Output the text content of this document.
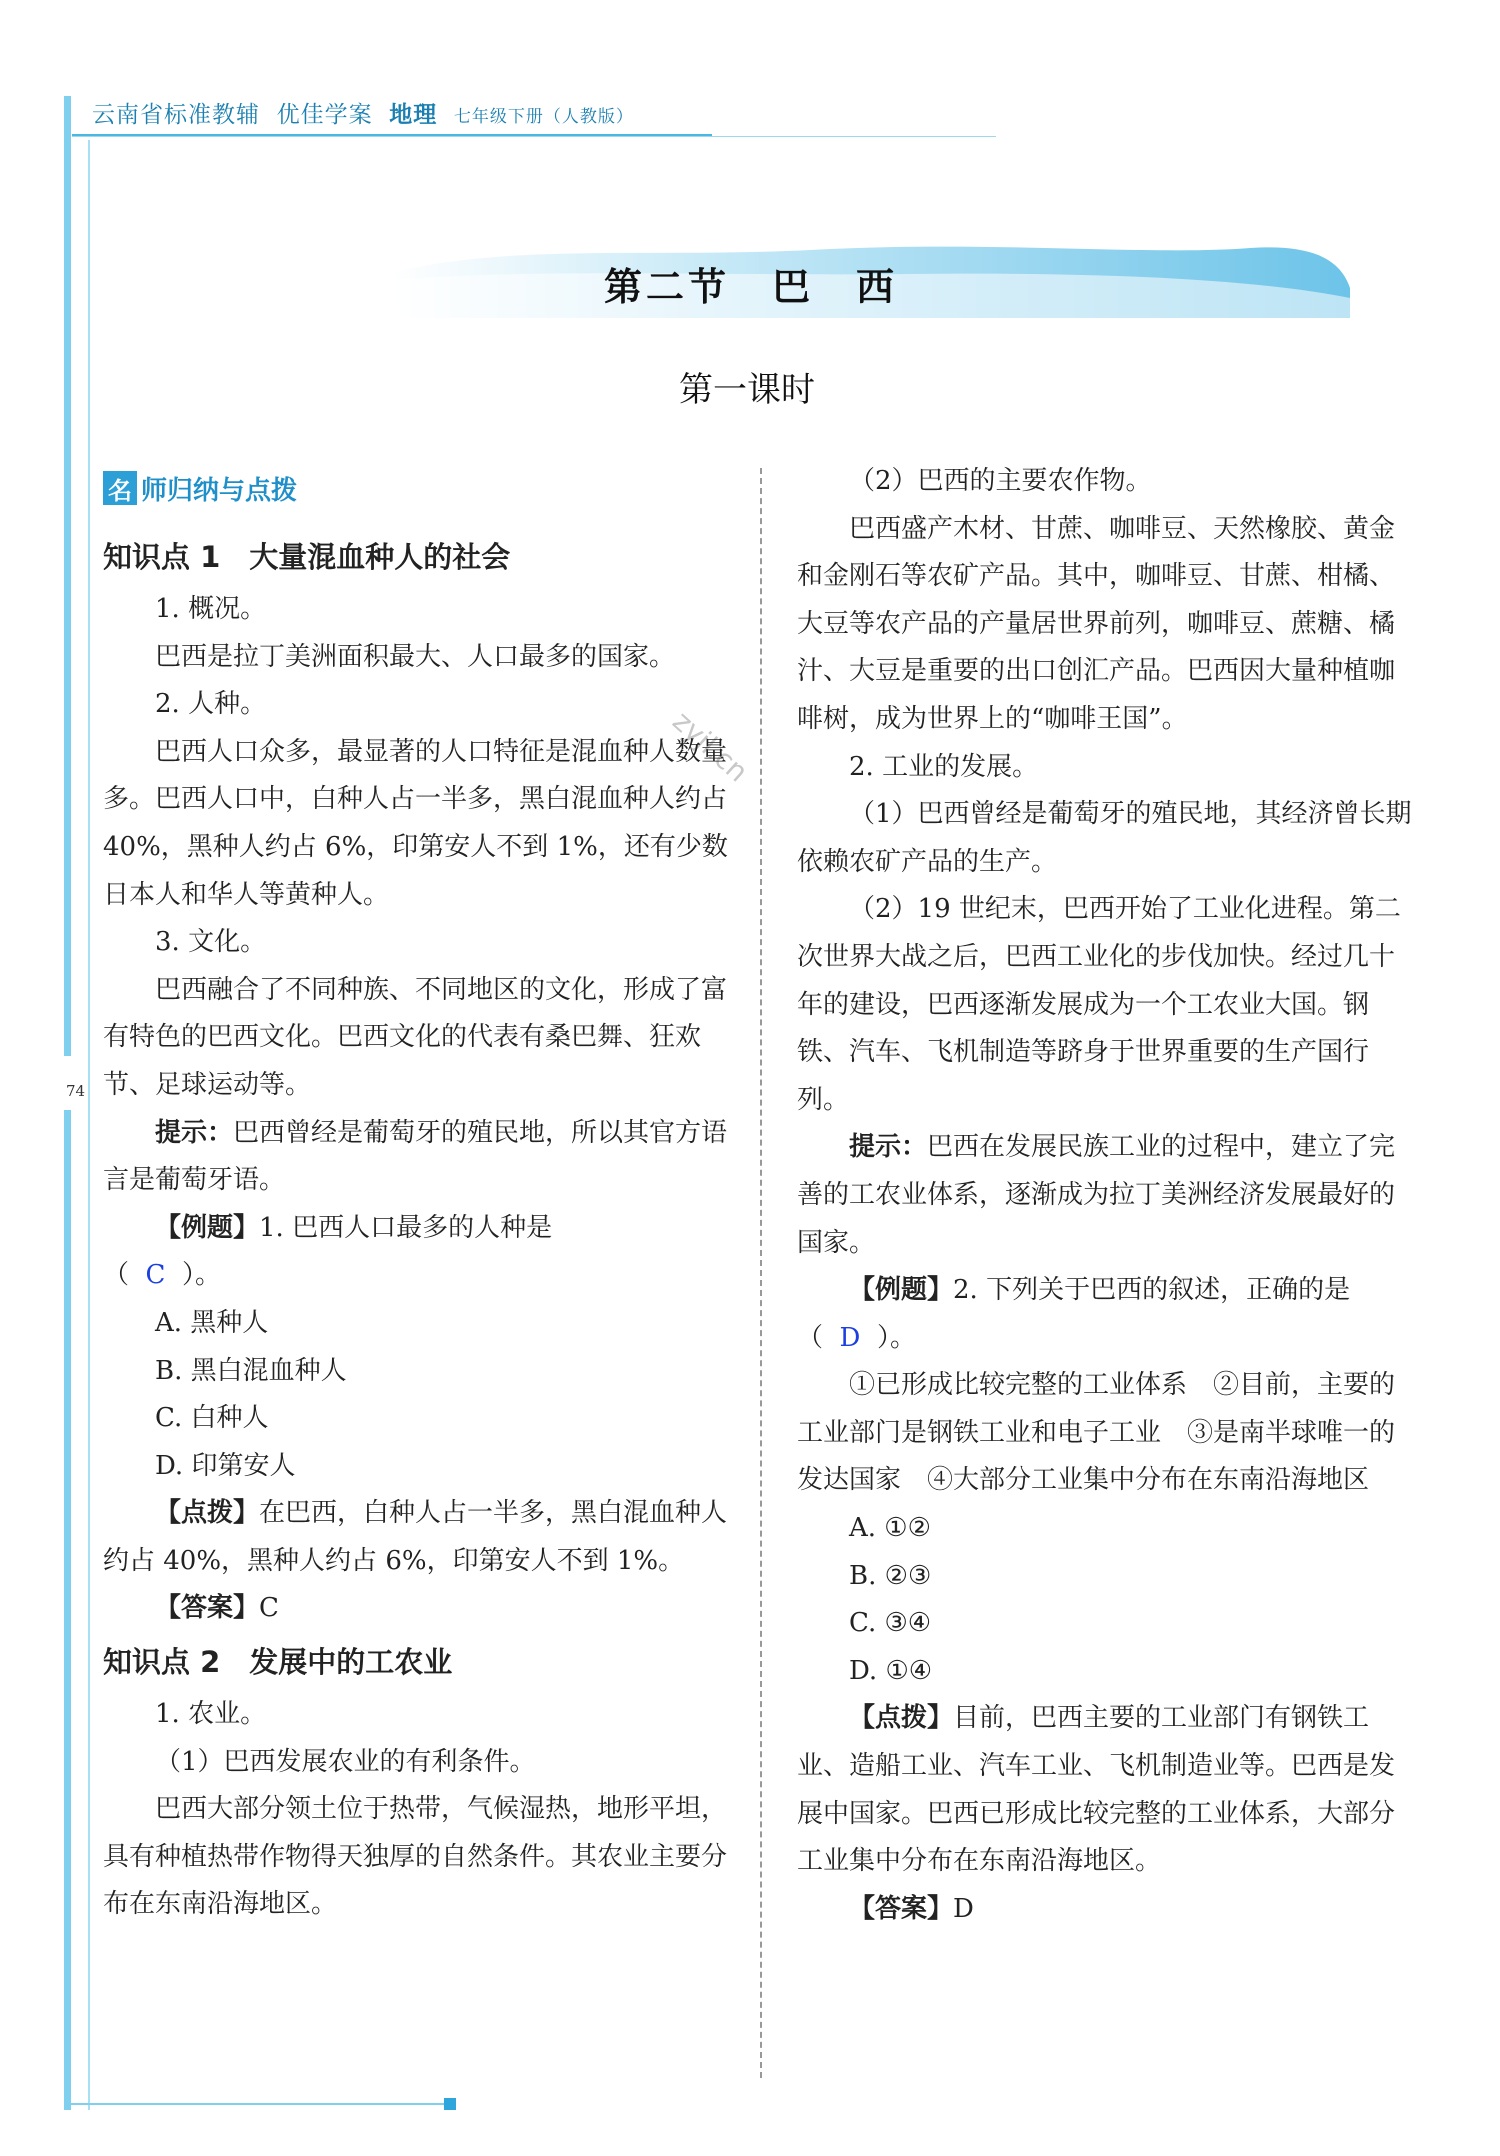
云南省标准教辅 优佳学案 地理 七年级下册（人教版）
74
第二节　巴　西
第一课时
名 师归纳与点拨
zyjl.cn

知识点 1　大量混血种人的社会

1. 概况。

巴西是拉丁美洲面积最大、人口最多的国家。

2. 人种。

巴西人口众多，最显著的人口特征是混血种人数量多。巴西人口中，白种人占一半多，黑白混血种人约占 40%，黑种人约占 6%，印第安人不到 1%，还有少数日本人和华人等黄种人。

3. 文化。

巴西融合了不同种族、不同地区的文化，形成了富有特色的巴西文化。巴西文化的代表有桑巴舞、狂欢节、足球运动等。

提示：巴西曾经是葡萄牙的殖民地，所以其官方语言是葡萄牙语。

【例题】1. 巴西人口最多的人种是
（ C ）。

A. 黑种人

B. 黑白混血种人

C. 白种人

D. 印第安人

【点拨】在巴西，白种人占一半多，黑白混血种人约占 40%，黑种人约占 6%，印第安人不到 1%。

【答案】C

知识点 2　发展中的工农业

1. 农业。

（1）巴西发展农业的有利条件。

巴西大部分领土位于热带，气候湿热，地形平坦，具有种植热带作物得天独厚的自然条件。其农业主要分布在东南沿海地区。

（2）巴西的主要农作物。

巴西盛产木材、甘蔗、咖啡豆、天然橡胶、黄金和金刚石等农矿产品。其中，咖啡豆、甘蔗、柑橘、大豆等农产品的产量居世界前列，咖啡豆、蔗糖、橘汁、大豆是重要的出口创汇产品。巴西因大量种植咖啡树，成为世界上的“咖啡王国”。

2. 工业的发展。

（1）巴西曾经是葡萄牙的殖民地，其经济曾长期依赖农矿产品的生产。

（2）19 世纪末，巴西开始了工业化进程。第二次世界大战之后，巴西工业化的步伐加快。经过几十年的建设，巴西逐渐发展成为一个工农业大国。钢铁、汽车、飞机制造等跻身于世界重要的生产国行列。

提示：巴西在发展民族工业的过程中，建立了完善的工农业体系，逐渐成为拉丁美洲经济发展最好的国家。

【例题】2. 下列关于巴西的叙述，正确的是（ D ）。

①已形成比较完整的工业体系　②目前，主要的工业部门是钢铁工业和电子工业　③是南半球唯一的发达国家　④大部分工业集中分布在东南沿海地区

A. ①②

B. ②③

C. ③④

D. ①④

【点拨】目前，巴西主要的工业部门有钢铁工业、造船工业、汽车工业、飞机制造业等。巴西是发展中国家。巴西已形成比较完整的工业体系，大部分工业集中分布在东南沿海地区。

【答案】D
